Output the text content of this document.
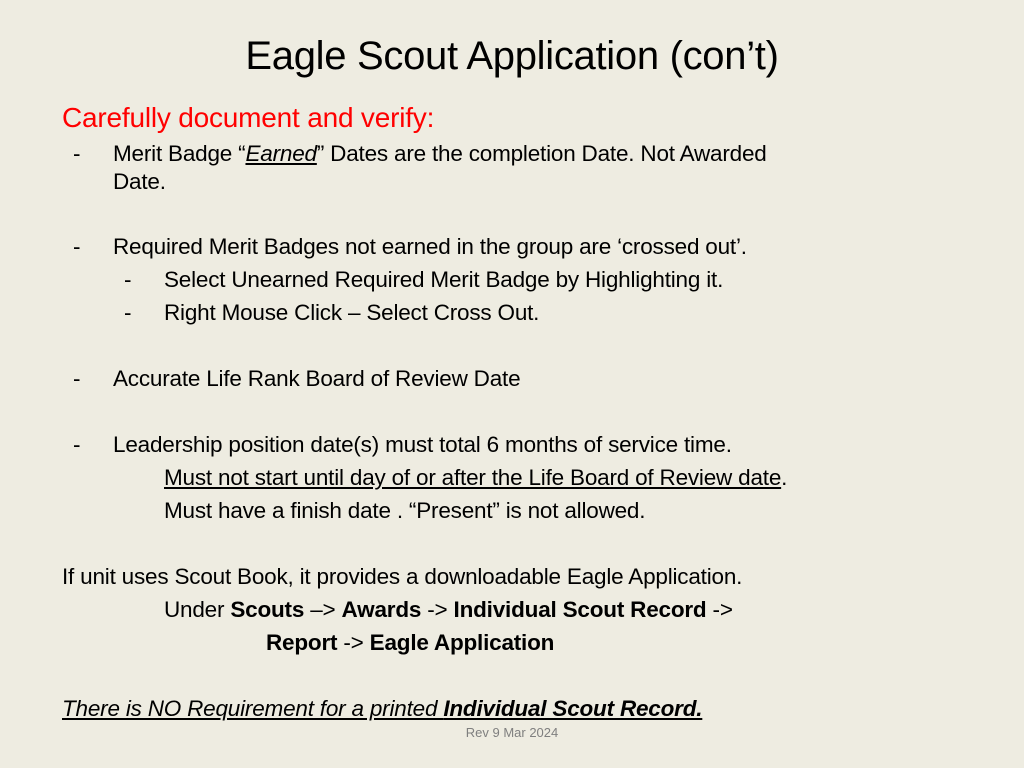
Eagle Scout Application (con’t)
Carefully document and verify:
- Merit Badge “Earned” Dates are the completion Date. Not Awarded
Date.
- Required Merit Badges not earned in the group are ‘crossed out’.
- Select Unearned Required Merit Badge by Highlighting it.
- Right Mouse Click – Select Cross Out.
- Accurate Life Rank Board of Review Date
- Leadership position date(s) must total 6 months of service time.
Must not start until day of or after the Life Board of Review date.
Must have a finish date . “Present” is not allowed.
If unit uses Scout Book, it provides a downloadable Eagle Application.
Under Scouts –> Awards -> Individual Scout Record ->
Report -> Eagle Application
There is NO Requirement for a printed Individual Scout Record.
Rev 9 Mar 2024
